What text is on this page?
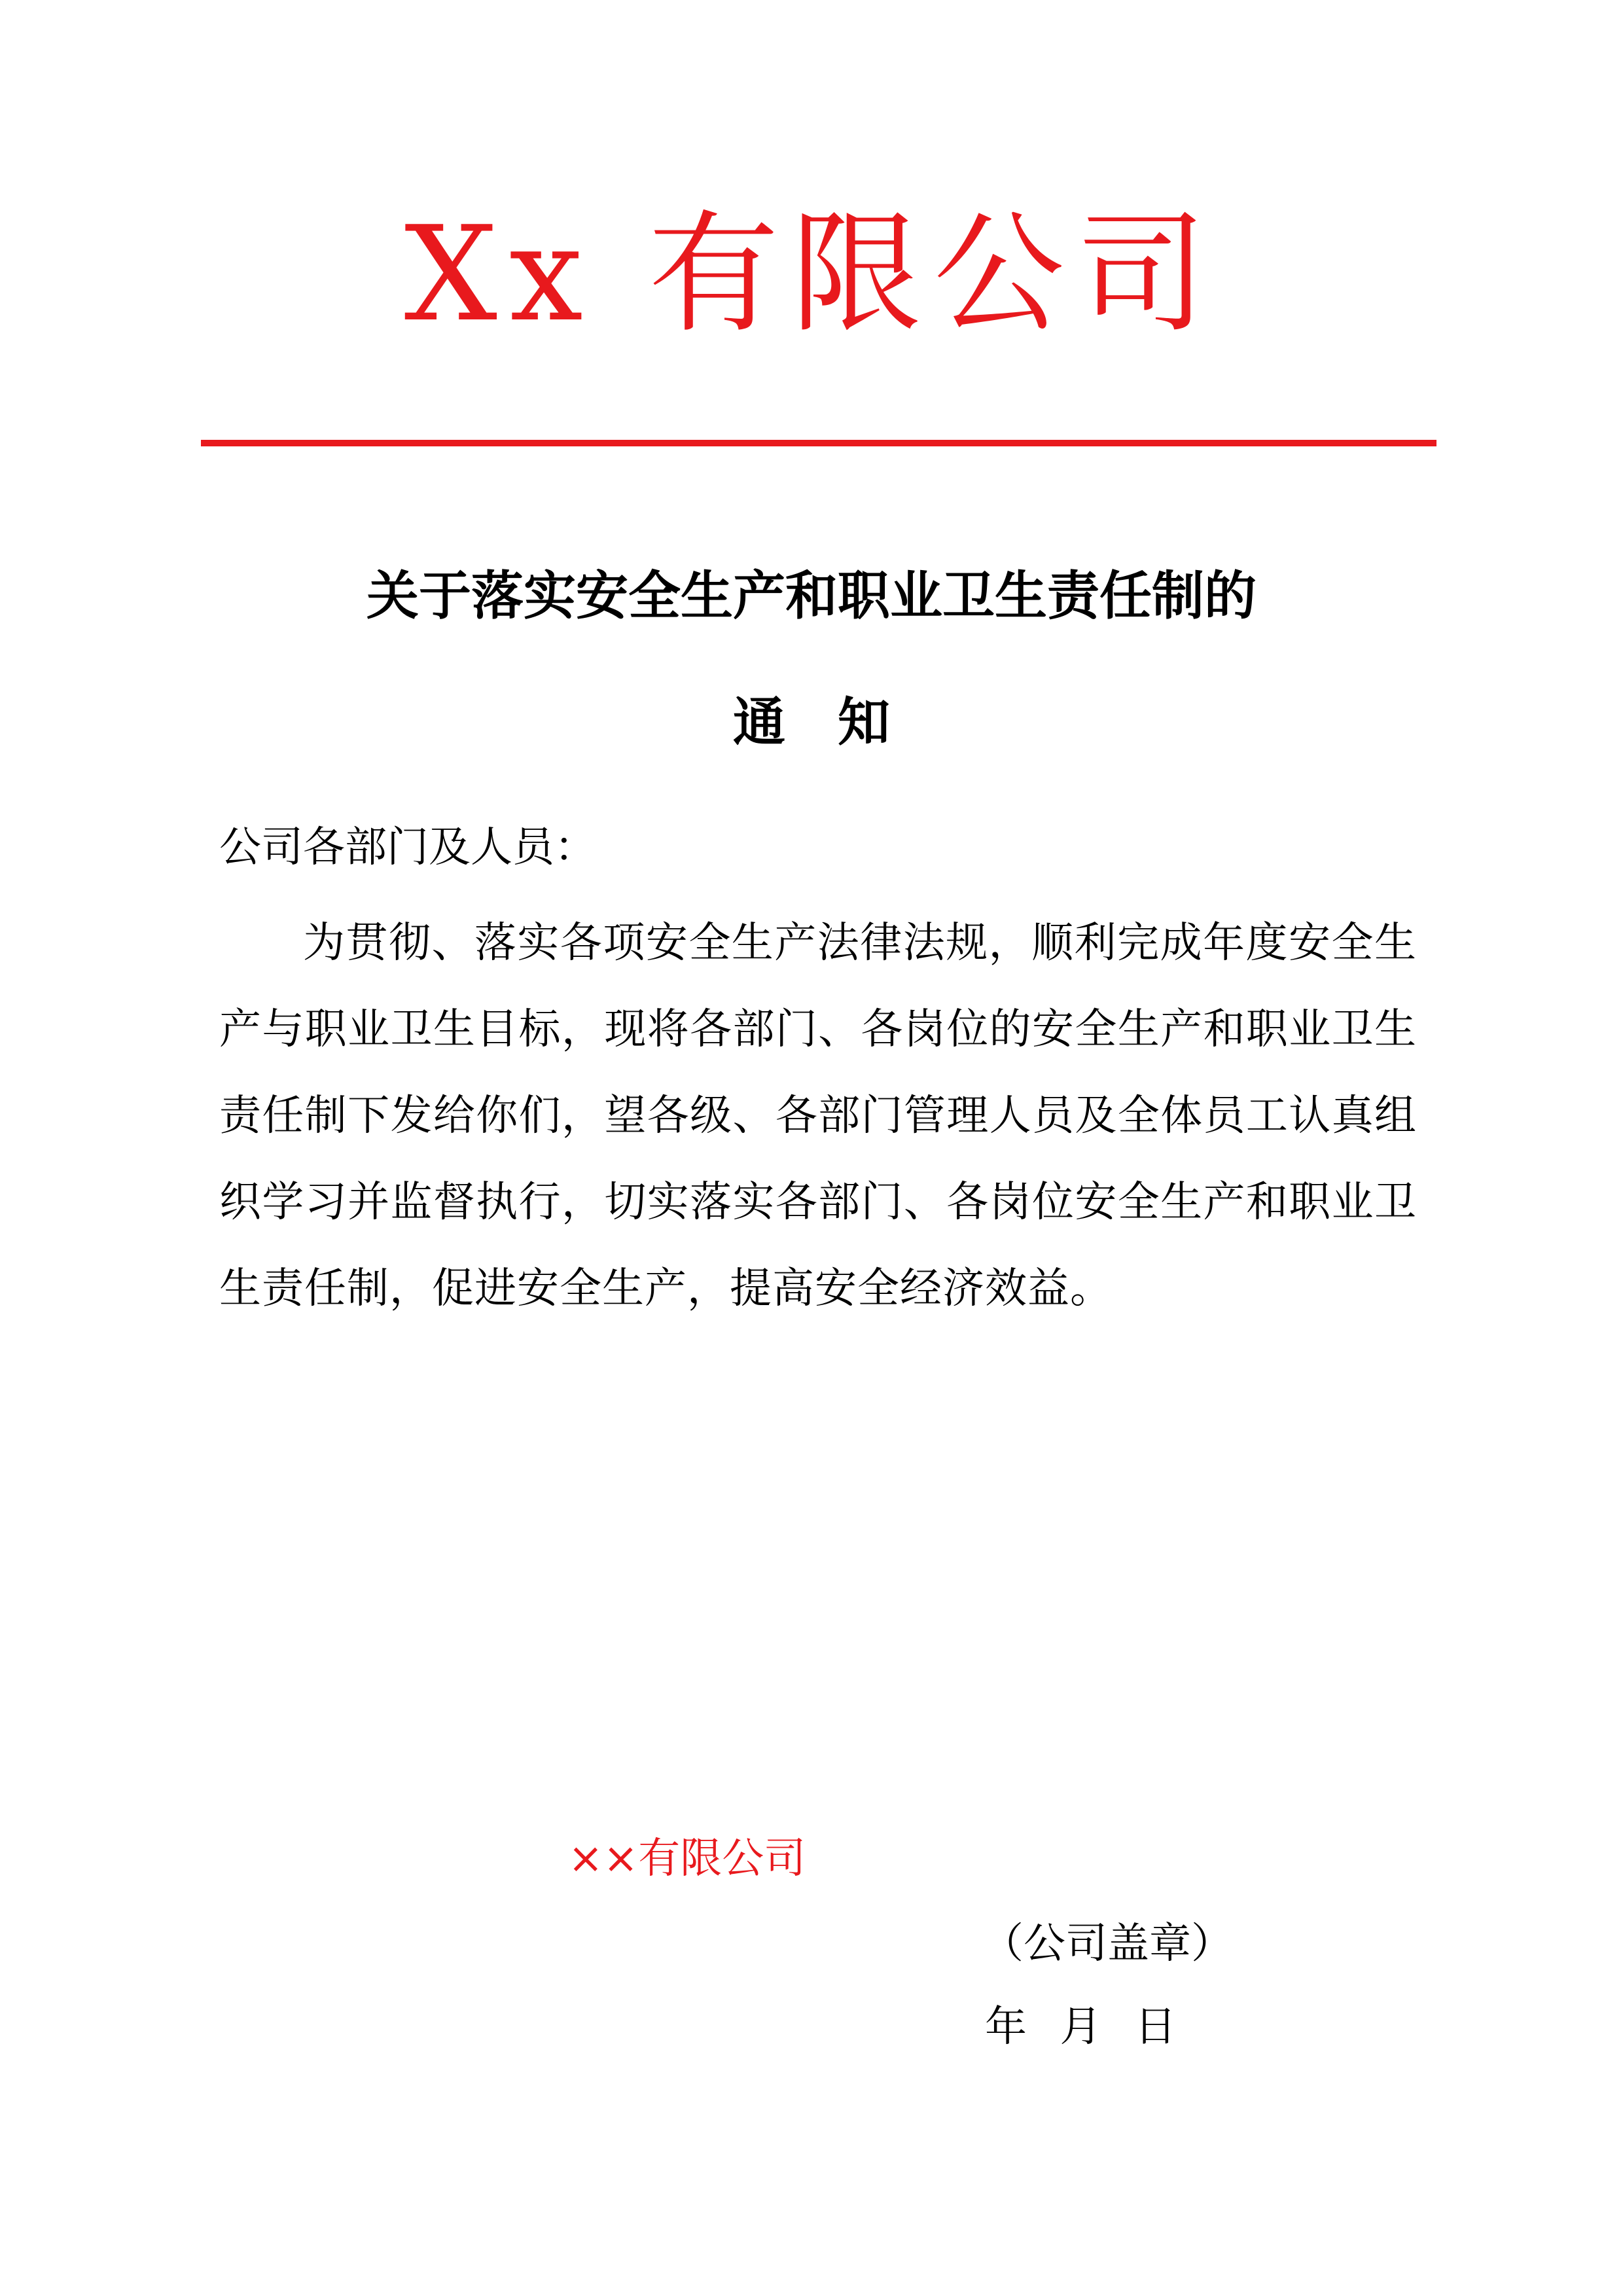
Xx 有限公司
关于落实安全生产和职业卫生责任制的
通知
公司各部门及人员：
为贯彻、落实各项安全生产法律法规，顺利完成年度安全生产与职业卫生目标，现将各部门、各岗位的安全生产和职业卫生责任制下发给你们，望各级、各部门管理人员及全体员工认真组织学习并监督执行，切实落实各部门、各岗位安全生产和职业卫生责任制，促进安全生产，提高安全经济效益。
××有限公司
（公司盖章）
年 月 日
